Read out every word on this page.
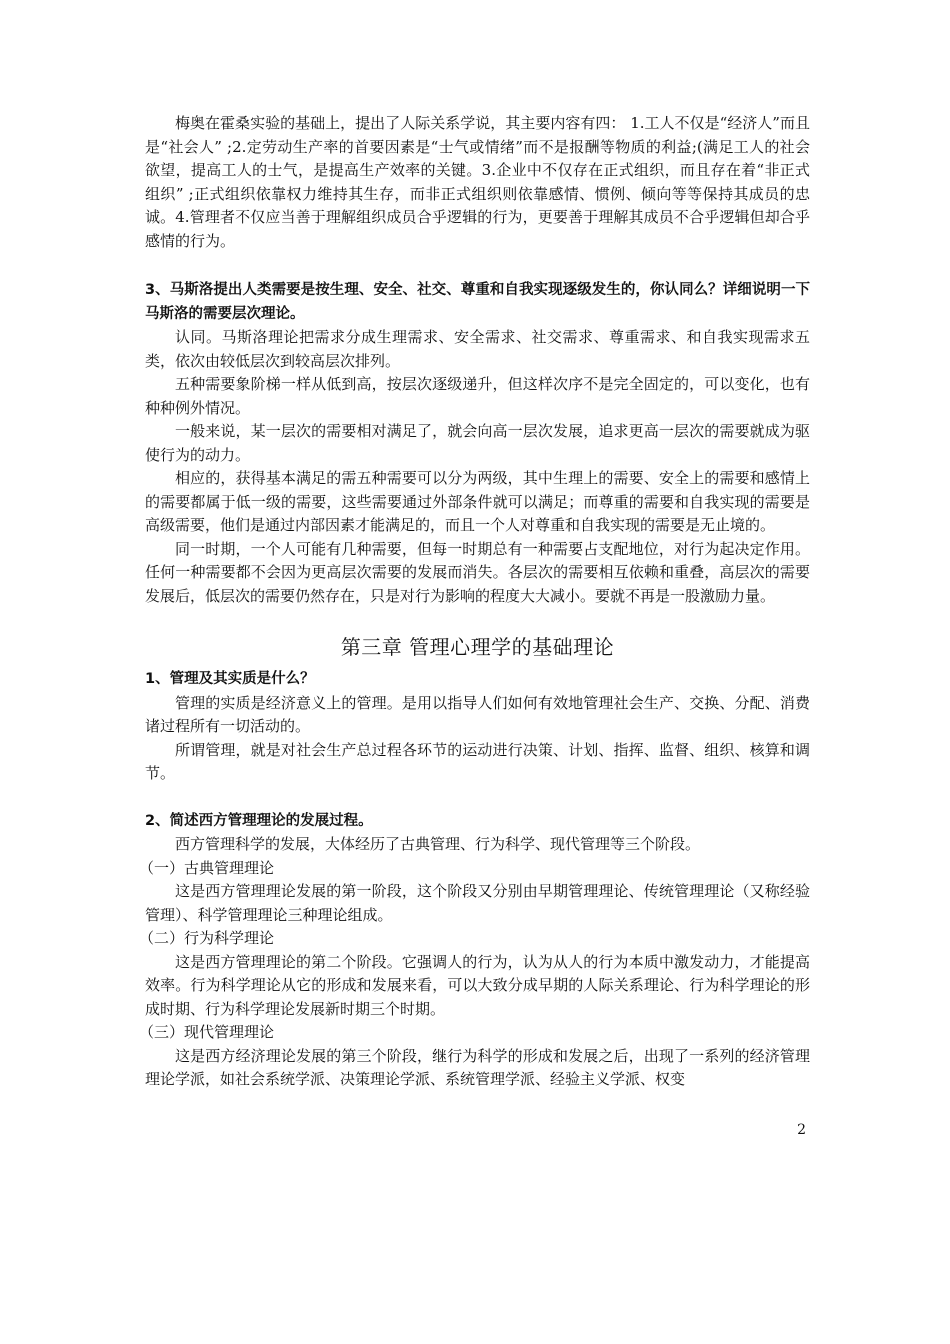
梅奥在霍桑实验的基础上，提出了人际关系学说，其主要内容有四： 1.工人不仅是“经济人”而且是“社会人” ;2.定劳动生产率的首要因素是“士气或情绪”而不是报酬等物质的利益;(满足工人的社会欲望，提高工人的士气，是提高生产效率的关键。3.企业中不仅存在正式组织，而且存在着“非正式组织” ;正式组织依靠权力维持其生存，而非正式组织则依靠感情、惯例、倾向等等保持其成员的忠诚。4.管理者不仅应当善于理解组织成员合乎逻辑的行为，更要善于理解其成员不合乎逻辑但却合乎感情的行为。

3、马斯洛提出人类需要是按生理、安全、社交、尊重和自我实现逐级发生的，你认同么？详细说明一下马斯洛的需要层次理论。

认同。马斯洛理论把需求分成生理需求、安全需求、社交需求、尊重需求、和自我实现需求五类，依次由较低层次到较高层次排列。

五种需要象阶梯一样从低到高，按层次逐级递升，但这样次序不是完全固定的，可以变化，也有种种例外情况。

一般来说，某一层次的需要相对满足了，就会向高一层次发展，追求更高一层次的需要就成为驱使行为的动力。

相应的，获得基本满足的需五种需要可以分为两级，其中生理上的需要、安全上的需要和感情上的需要都属于低一级的需要，这些需要通过外部条件就可以满足；而尊重的需要和自我实现的需要是高级需要，他们是通过内部因素才能满足的，而且一个人对尊重和自我实现的需要是无止境的。

同一时期，一个人可能有几种需要，但每一时期总有一种需要占支配地位，对行为起决定作用。任何一种需要都不会因为更高层次需要的发展而消失。各层次的需要相互依赖和重叠，高层次的需要发展后，低层次的需要仍然存在，只是对行为影响的程度大大减小。要就不再是一股激励力量。

第三章 管理心理学的基础理论

1、管理及其实质是什么？

管理的实质是经济意义上的管理。是用以指导人们如何有效地管理社会生产、交换、分配、消费诸过程所有一切活动的。

所谓管理，就是对社会生产总过程各环节的运动进行决策、计划、指挥、监督、组织、核算和调节。

2、简述西方管理理论的发展过程。

西方管理科学的发展，大体经历了古典管理、行为科学、现代管理等三个阶段。

（一）古典管理理论

这是西方管理理论发展的第一阶段，这个阶段又分别由早期管理理论、传统管理理论（又称经验管理）、科学管理理论三种理论组成。

（二）行为科学理论

这是西方管理理论的第二个阶段。它强调人的行为，认为从人的行为本质中激发动力，才能提高效率。行为科学理论从它的形成和发展来看，可以大致分成早期的人际关系理论、行为科学理论的形成时期、行为科学理论发展新时期三个时期。

（三）现代管理理论

这是西方经济理论发展的第三个阶段，继行为科学的形成和发展之后，出现了一系列的经济管理理论学派，如社会系统学派、决策理论学派、系统管理学派、经验主义学派、权变

2
